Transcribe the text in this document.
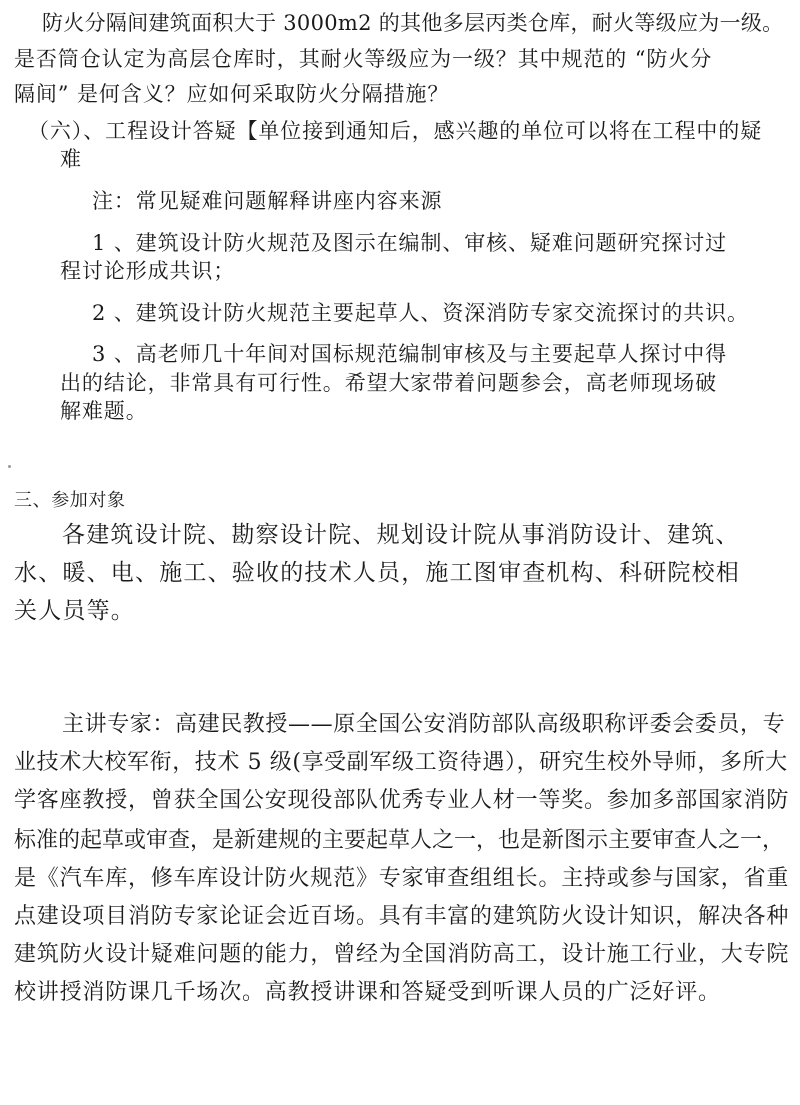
防火分隔间建筑面积大于 3000m2 的其他多层丙类仓库，耐火等级应为一级。
是否筒仓认定为高层仓库时，其耐火等级应为一级？其中规范的 “防火分
隔间” 是何含义？应如何采取防火分隔措施？
（六）、工程设计答疑【单位接到通知后，感兴趣的单位可以将在工程中的疑
难
注：常见疑难问题解释讲座内容来源
1 、建筑设计防火规范及图示在编制、审核、疑难问题研究探讨过
程讨论形成共识；
2 、建筑设计防火规范主要起草人、资深消防专家交流探讨的共识。
3 、高老师几十年间对国标规范编制审核及与主要起草人探讨中得
出的结论，非常具有可行性。希望大家带着问题参会，高老师现场破
解难题。
三、参加对象
各建筑设计院、勘察设计院、规划设计院从事消防设计、建筑、
水、暖、电、施工、验收的技术人员，施工图审查机构、科研院校相
关人员等。
主讲专家：高建民教授——原全国公安消防部队高级职称评委会委员，专
业技术大校军衔，技术 5 级(享受副军级工资待遇），研究生校外导师，多所大
学客座教授，曾获全国公安现役部队优秀专业人材一等奖。参加多部国家消防
标准的起草或审查，是新建规的主要起草人之一，也是新图示主要审查人之一，
是《汽车库，修车库设计防火规范》专家审查组组长。主持或参与国家，省重
点建设项目消防专家论证会近百场。具有丰富的建筑防火设计知识，解决各种
建筑防火设计疑难问题的能力，曾经为全国消防高工，设计施工行业，大专院
校讲授消防课几千场次。高教授讲课和答疑受到听课人员的广泛好评。
